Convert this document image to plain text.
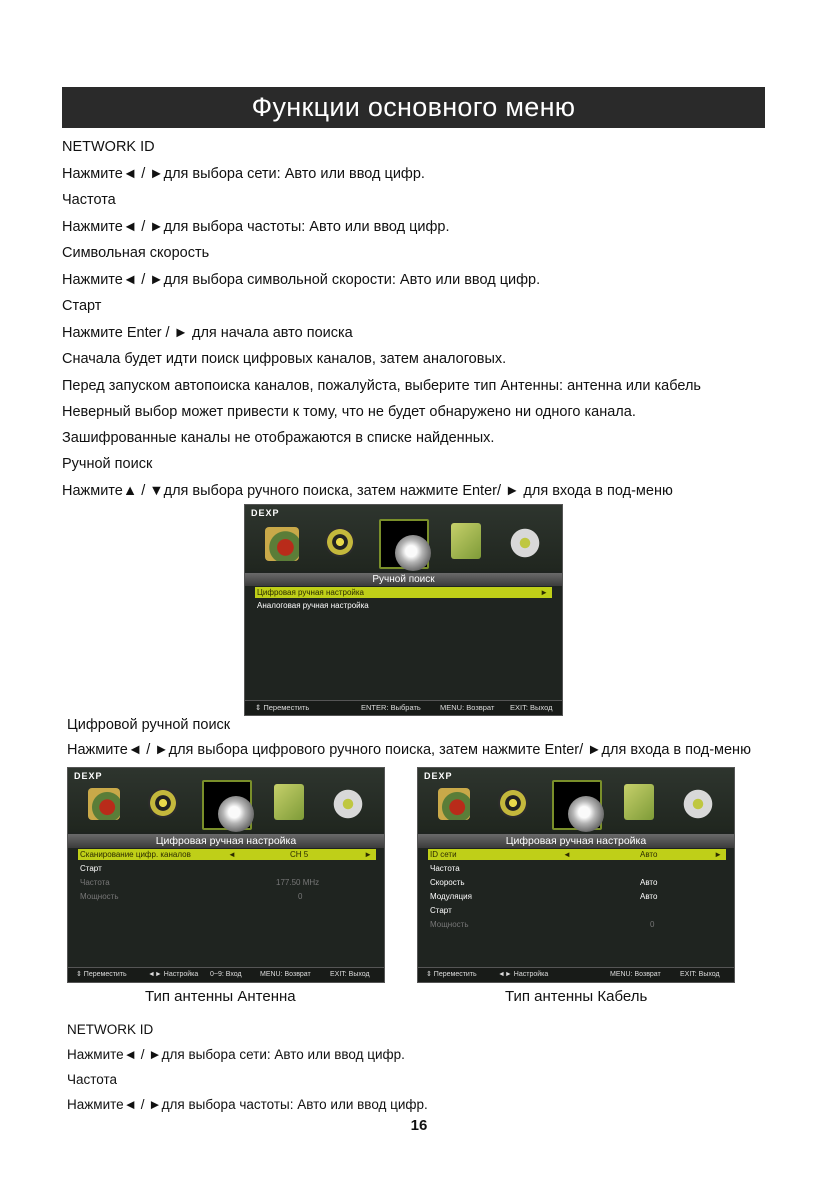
Функции основного меню
NETWORK ID
Нажмите◄ / ►для выбора сети: Авто или ввод цифр.
Частота
Нажмите◄ / ►для выбора частоты: Авто или ввод цифр.
Символьная скорость
Нажмите◄ / ►для выбора символьной скорости: Авто или ввод цифр.
Старт
Нажмите Enter / ► для начала авто поиска
Сначала будет идти поиск цифровых каналов, затем аналоговых.
Перед запуском автопоиска каналов, пожалуйста, выберите тип Антенны: антенна или кабель
Неверный выбор может привести к тому, что не будет обнаружено ни одного канала.
Зашифрованные каналы не отображаются в списке найденных.
Ручной поиск
Нажмите▲ / ▼для выбора ручного поиска, затем нажмите Enter/ ► для входа в под-меню
DEXP
Ручной поиск
Цифровая ручная настройка	►
Аналоговая ручная настройка
⇕ Переместить	ENTER: Выбрать	MENU: Возврат EXIT: Выход
Цифровой ручной поиск
Нажмите◄ / ►для выбора цифрового ручного поиска, затем нажмите Enter/ ►для входа в под-меню
DEXP
Цифровая ручная настройка
Сканирование цифр. каналов	◄	CH 5	►
Старт
Частота	177.50 MHz
Мощность	0
⇕ Переместить	◄► Настройка 0~9: Вход	MENU: Возврат	EXIT: Выход
DEXP
Цифровая ручная настройка
ID сети	◄	Авто	►
Частота
Скорость	Авто
Модуляция	Авто
Старт
Мощность	0
⇕ Переместить	◄► Настройка	MENU: Возврат	EXIT: Выход
Тип антенны Антенна	Тип антенны Кабель
NETWORK ID
Нажмите◄ / ►для выбора сети: Авто или ввод цифр.
Частота
Нажмите◄ / ►для выбора частоты: Авто или ввод цифр.
16
